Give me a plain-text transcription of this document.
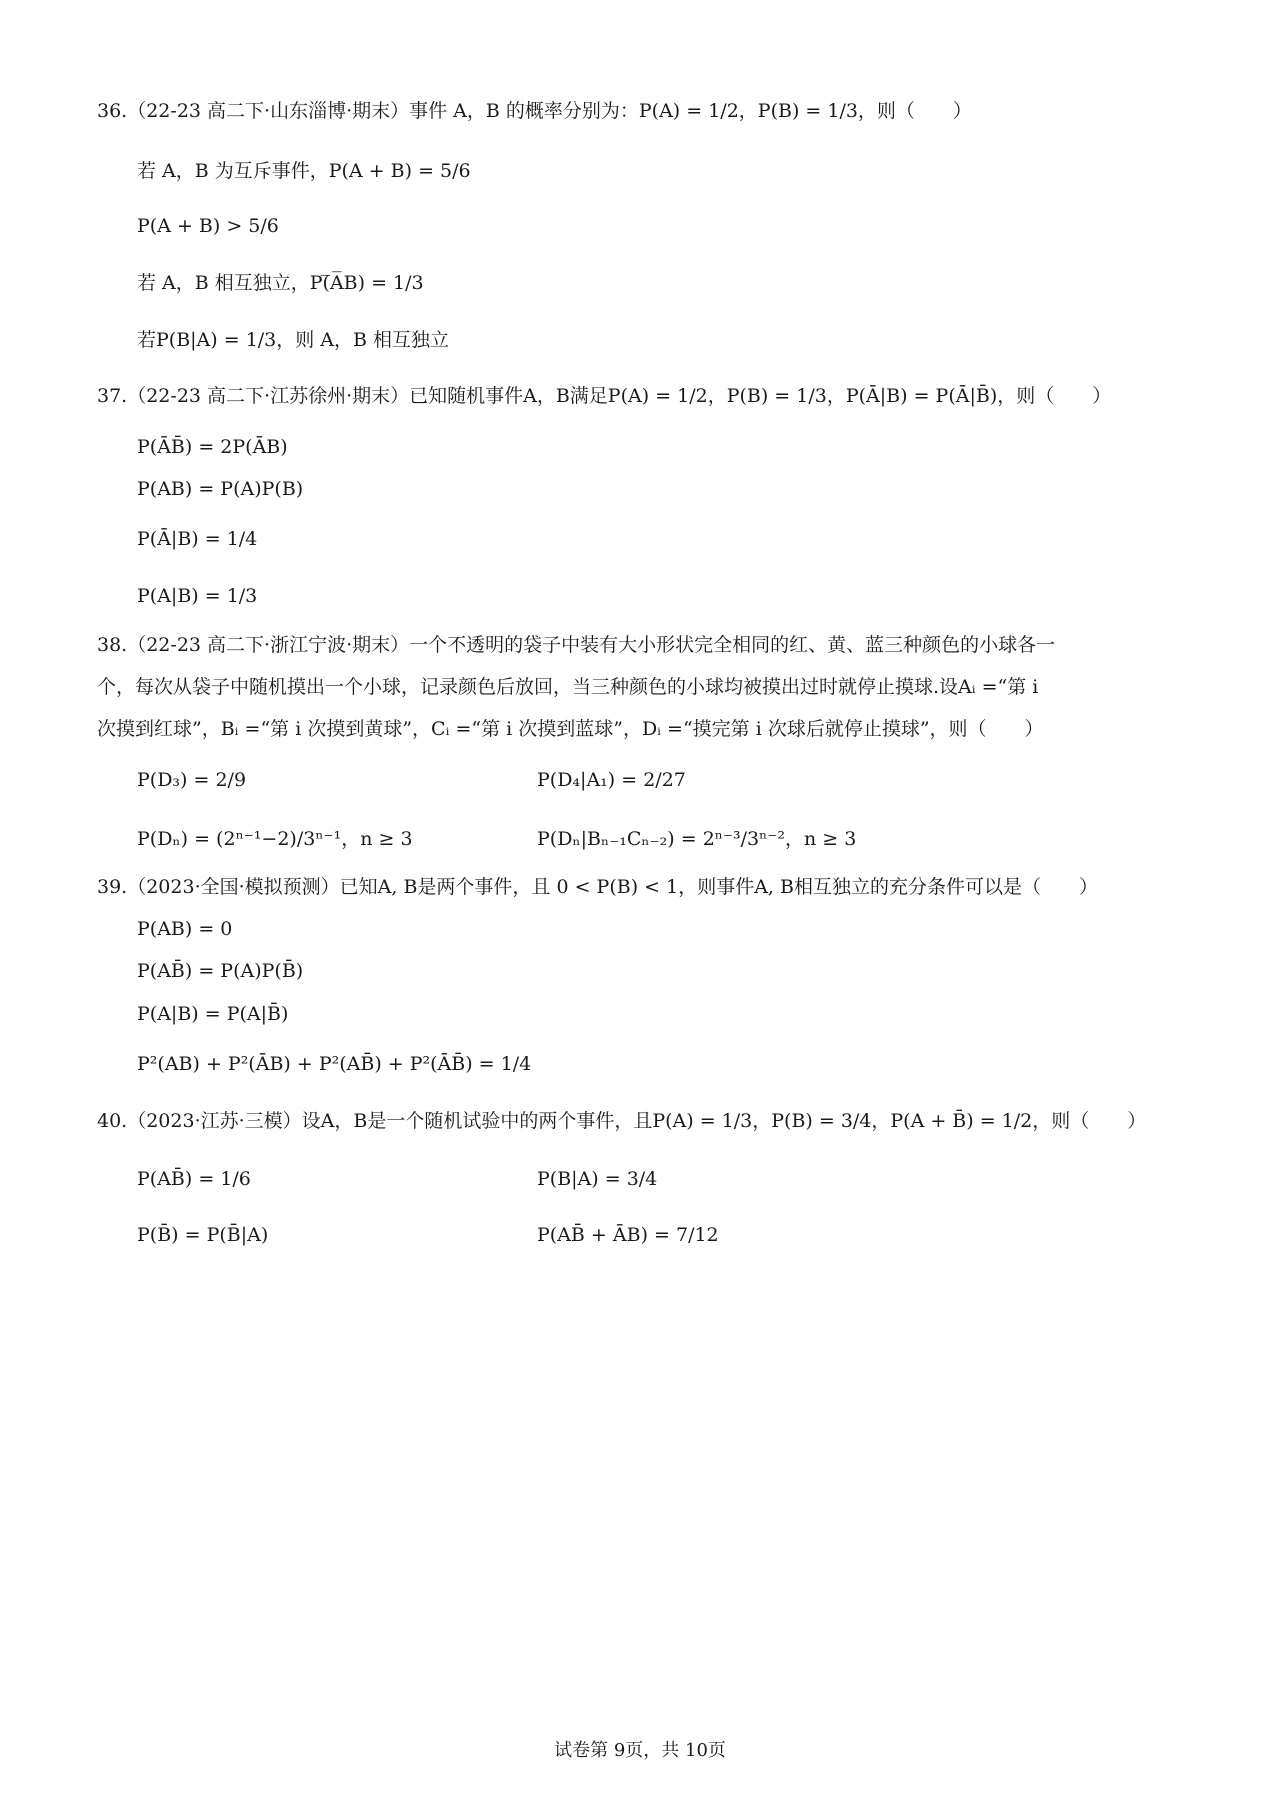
36.（22-23 高二下·山东淄博·期末）事件 A，B 的概率分别为：P(A) = 1/2，P(B) = 1/3，则（　　）
若 A，B 为互斥事件，P(A + B) = 5/6
P(A + B) > 5/6
若 A，B 相互独立，P(̅A̅B) = 1/3
若P(B|A) = 1/3，则 A，B 相互独立
37.（22-23 高二下·江苏徐州·期末）已知随机事件A，B满足P(A) = 1/2，P(B) = 1/3，P(Ā|B) = P(Ā|B̄)，则（　　）
P(ĀB̄) = 2P(ĀB)
P(AB) = P(A)P(B)
P(Ā|B) = 1/4
P(A|B) = 1/3
38.（22-23 高二下·浙江宁波·期末）一个不透明的袋子中装有大小形状完全相同的红、黄、蓝三种颜色的小球各一
个，每次从袋子中随机摸出一个小球，记录颜色后放回，当三种颜色的小球均被摸出过时就停止摸球.设Aᵢ =“第 i
次摸到红球”，Bᵢ =“第 i 次摸到黄球”，Cᵢ =“第 i 次摸到蓝球”，Dᵢ =“摸完第 i 次球后就停止摸球”，则（　　）
P(D₃) = 2/9	P(D₄|A₁) = 2/27
P(Dₙ) = (2ⁿ⁻¹−2)/3ⁿ⁻¹，n ≥ 3	P(Dₙ|Bₙ₋₁Cₙ₋₂) = 2ⁿ⁻³/3ⁿ⁻²，n ≥ 3
39.（2023·全国·模拟预测）已知A, B是两个事件，且 0 < P(B) < 1，则事件A, B相互独立的充分条件可以是（　　）
P(AB) = 0
P(AB̄) = P(A)P(B̄)
P(A|B) = P(A|B̄)
P²(AB) + P²(ĀB) + P²(AB̄) + P²(ĀB̄) = 1/4
40.（2023·江苏·三模）设A，B是一个随机试验中的两个事件，且P(A) = 1/3，P(B) = 3/4，P(A + B̄) = 1/2，则（　　）
P(AB̄) = 1/6	P(B|A) = 3/4
P(B̄) = P(B̄|A)	P(AB̄ + ĀB) = 7/12
试卷第 9页，共 10页
